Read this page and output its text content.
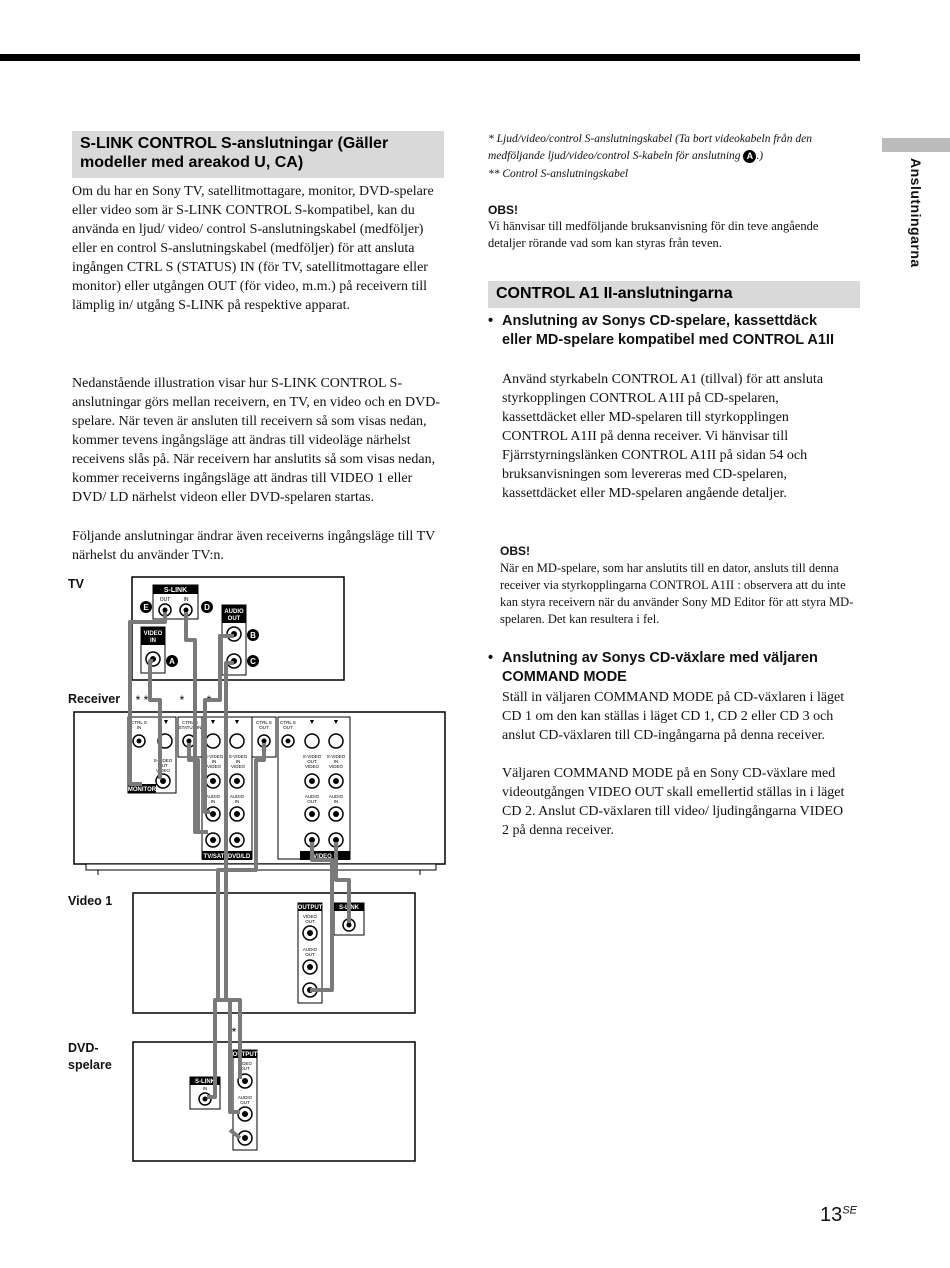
Anslutningarna
S-LINK CONTROL S-anslutningar (Gäller modeller med areakod U, CA)

Om du har en Sony TV, satellitmottagare, monitor, DVD-spelare eller video som är S-LINK CONTROL S-kompatibel, kan du använda en ljud/ video/ control S-anslutningskabel (medföljer) eller en control S-anslutningskabel (medföljer) för att ansluta ingången CTRL S (STATUS) IN (för TV, satellitmottagare eller monitor) eller utgången OUT (för video, m.m.) på receivern till lämplig in/ utgång S-LINK på respektive apparat.

Nedanstående illustration visar hur S-LINK CONTROL S-anslutningar görs mellan receivern, en TV, en video och en DVD-spelare. När teven är ansluten till receivern så som visas nedan, kommer tevens ingångsläge att ändras till videoläge närhelst receivens slås på. När receivern har anslutits så som visas nedan, kommer receiverns ingångsläge att ändras till VIDEO 1 eller DVD/ LD närhelst videon eller DVD-spelaren startas.

Följande anslutningar ändrar även receiverns ingångsläge till TV närhelst du använder TV:n.

TV
Receiver
Video 1
DVD-
spelare
S-LINK
OUT	IN
AUDIO
OUT
VIDEO
IN
E	D
B
A	C
* *	* *
*
*
CTRL S
IN
▼
S-VIDEO
OUT
VIDEO
MONITOR
CTRL S
STATUS IN
▼ ▼
S-VIDEO
IN
VIDEO
S-VIDEO
IN
VIDEO
AUDIO
IN
AUDIO
IN
TV/SAT DVD/LD
CTRL S
OUT
CTRL S
OUT
▼ ▼
S-VIDEO
OUT
VIDEO
S-VIDEO
IN
VIDEO
AUDIO
OUT
AUDIO
IN
VIDEO 1
OUTPUT
VIDEO
OUT
AUDIO
OUT
S-LINK
IN
OUTPUT
VIDEO
OUT
AUDIO
OUT
S-LINK
IN
* Ljud/video/control S-anslutningskabel (Ta bort videokabeln från den medföljande ljud/video/control S-kabeln för anslutning A .)
** Control S-anslutningskabel
OBS!
Vi hänvisar till medföljande bruksanvisning för din teve angående detaljer rörande vad som kan styras från teven.
CONTROL A1 II-anslutningarna
• Anslutning av Sonys CD-spelare, kassettdäck eller MD-spelare kompatibel med CONTROL A1II

Använd styrkabeln CONTROL A1 (tillval) för att ansluta styrkopplingen CONTROL A1II på CD-spelaren, kassettdäcket eller MD-spelaren till styrkopplingen CONTROL A1II på denna receiver. Vi hänvisar till Fjärrstyrningslänken CONTROL A1II på sidan 54 och bruksanvisningen som levereras med CD-spelaren, kassettdäcket eller MD-spelaren angående detaljer.

OBS!
När en MD-spelare, som har anslutits till en dator, ansluts till denna receiver via styrkopplingarna CONTROL A1II : observera att du inte kan styra receivern när du använder Sony MD Editor för att styra MD-spelaren. Det kan resultera i fel.
• Anslutning av Sonys CD-växlare med väljaren COMMAND MODE

Ställ in väljaren COMMAND MODE på CD-växlaren i läget CD 1 om den kan ställas i läget CD 1, CD 2 eller CD 3 och anslut CD-växlaren till CD-ingångarna på denna receiver.

Väljaren COMMAND MODE på en Sony CD-växlare med videoutgången VIDEO OUT skall emellertid ställas in i läget CD 2. Anslut CD-växlaren till video/ ljudingångarna VIDEO 2 på denna receiver.

$13^{SE}$
